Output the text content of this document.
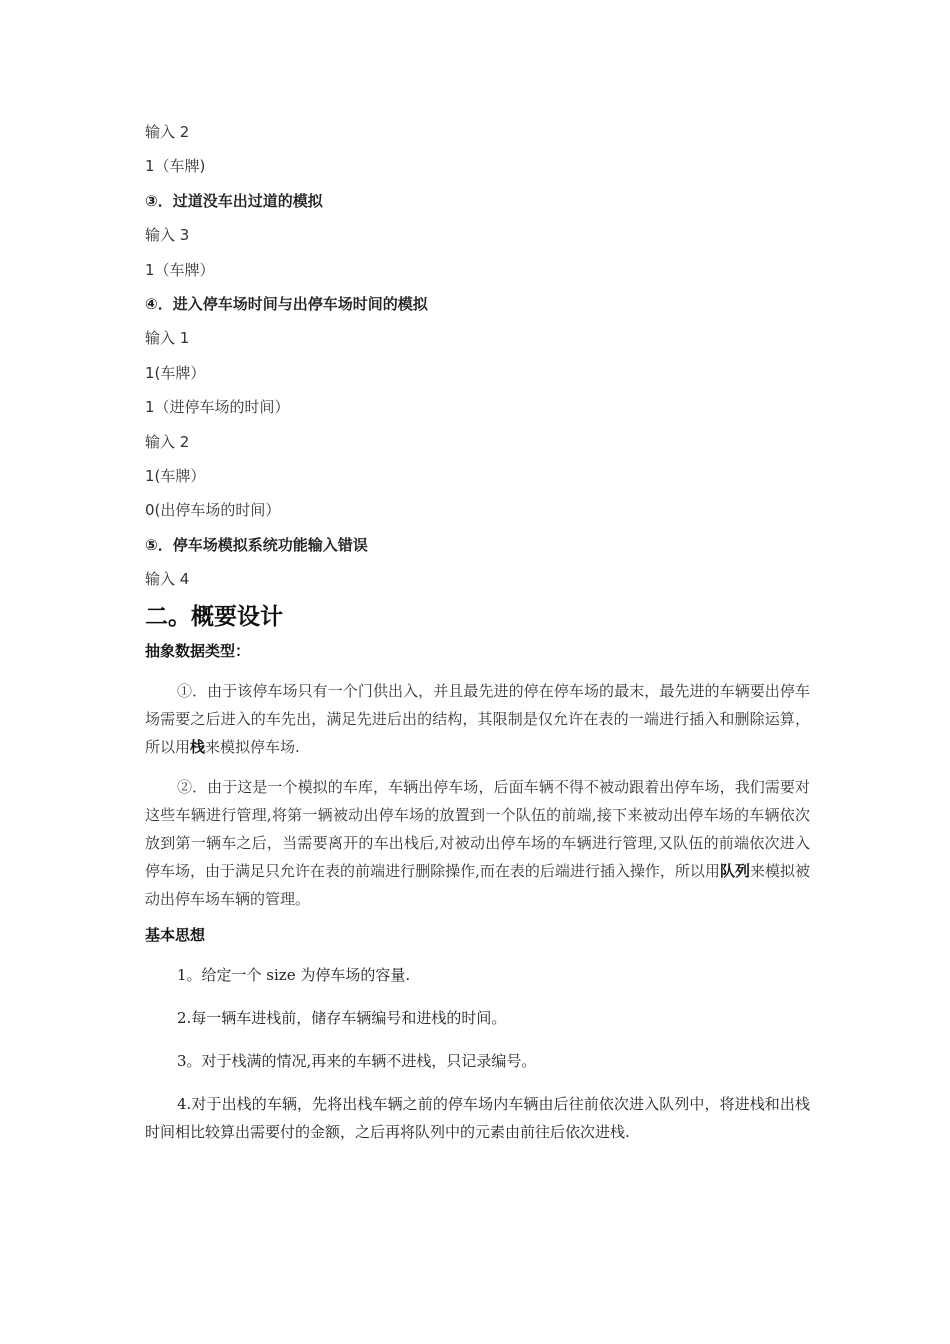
输入 2
1（车牌)
③．过道没车出过道的模拟
输入 3
1（车牌）
④．进入停车场时间与出停车场时间的模拟
输入 1
1(车牌）
1（进停车场的时间）
输入 2
1(车牌）
0(出停车场的时间）
⑤．停车场模拟系统功能输入错误
输入 4
二。概要设计
抽象数据类型：

①．由于该停车场只有一个门供出入，并且最先进的停在停车场的最末，最先进的车辆要出停车场需要之后进入的车先出，满足先进后出的结构，其限制是仅允许在表的一端进行插入和删除运算，所以用栈来模拟停车场.

②．由于这是一个模拟的车库，车辆出停车场，后面车辆不得不被动跟着出停车场，我们需要对这些车辆进行管理,将第一辆被动出停车场的放置到一个队伍的前端,接下来被动出停车场的车辆依次放到第一辆车之后，当需要离开的车出栈后,对被动出停车场的车辆进行管理,又队伍的前端依次进入停车场，由于满足只允许在表的前端进行删除操作,而在表的后端进行插入操作，所以用队列来模拟被动出停车场车辆的管理。

基本思想
1。给定一个 size 为停车场的容量.
2.每一辆车进栈前，储存车辆编号和进栈的时间。
3。对于栈满的情况,再来的车辆不进栈，只记录编号。

4.对于出栈的车辆，先将出栈车辆之前的停车场内车辆由后往前依次进入队列中，将进栈和出栈时间相比较算出需要付的金额，之后再将队列中的元素由前往后依次进栈.
